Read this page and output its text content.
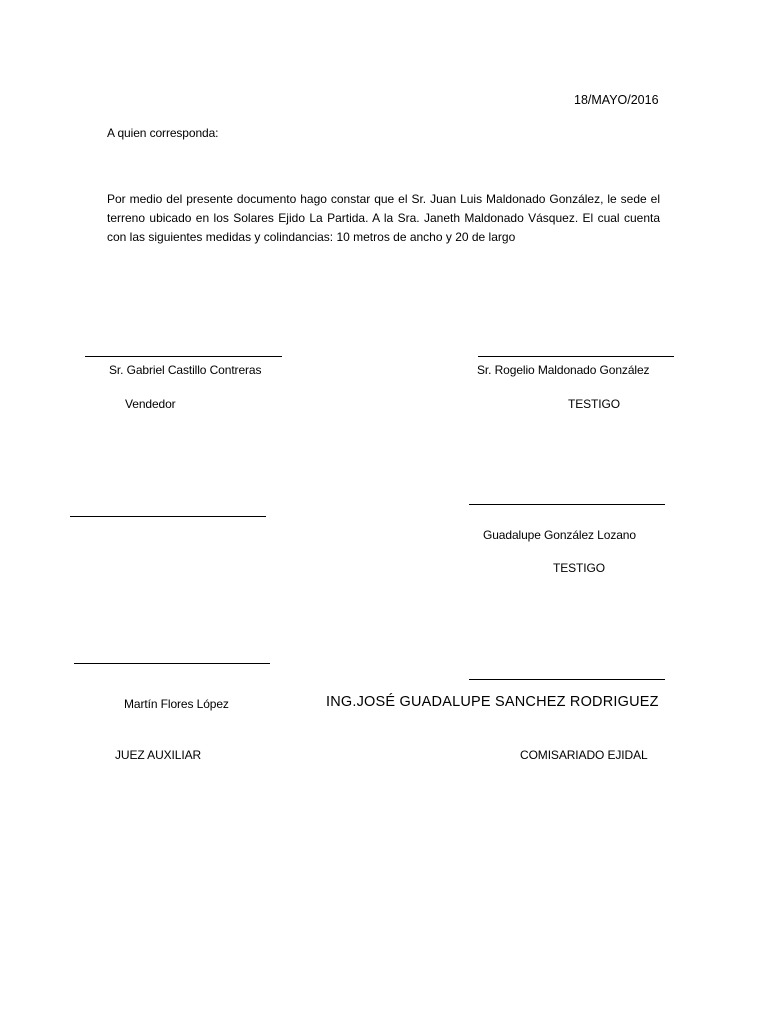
18/MAYO/2016
A quien corresponda:
Por medio del presente documento hago constar que el Sr. Juan Luis Maldonado González, le sede el terreno ubicado en los Solares Ejido La Partida. A la Sra. Janeth Maldonado Vásquez. El cual cuenta con las siguientes medidas y colindancias: 10 metros de ancho y 20 de largo
Sr. Gabriel Castillo Contreras
Vendedor
Sr. Rogelio Maldonado González
TESTIGO
Guadalupe González Lozano
TESTIGO
Martín Flores López
JUEZ AUXILIAR
ING.JOSÉ GUADALUPE SANCHEZ RODRIGUEZ
COMISARIADO EJIDAL
